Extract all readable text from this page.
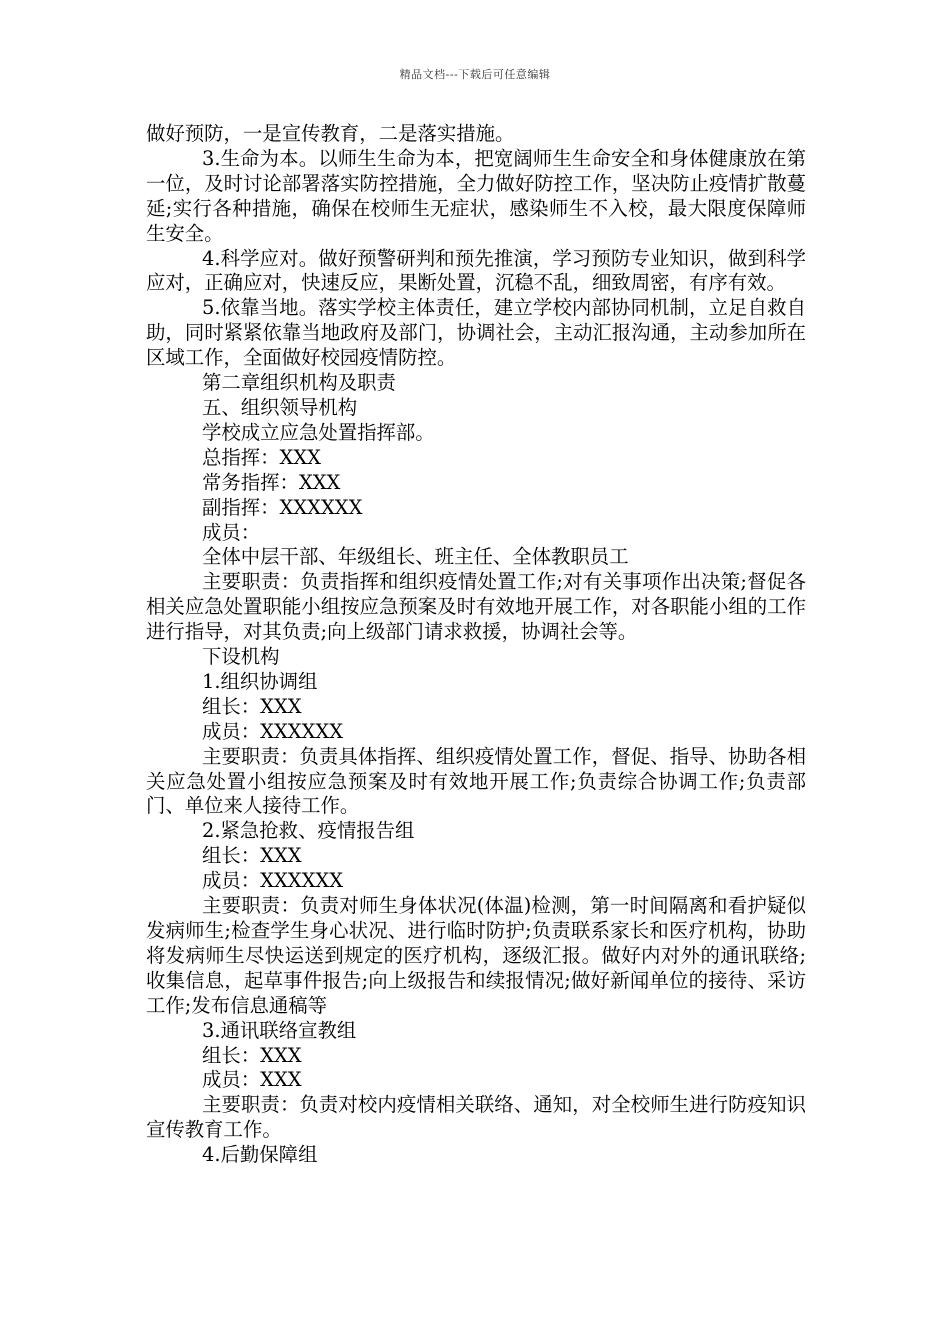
精品文档---下载后可任意编辑

做好预防，一是宣传教育，二是落实措施。

3.生命为本。以师生生命为本，把宽阔师生生命安全和身体健康放在第一位，及时讨论部署落实防控措施，全力做好防控工作，坚决防止疫情扩散蔓延;实行各种措施，确保在校师生无症状，感染师生不入校，最大限度保障师生安全。

4.科学应对。做好预警研判和预先推演，学习预防专业知识，做到科学应对，正确应对，快速反应，果断处置，沉稳不乱，细致周密，有序有效。

5.依靠当地。落实学校主体责任，建立学校内部协同机制，立足自救自助，同时紧紧依靠当地政府及部门，协调社会，主动汇报沟通，主动参加所在区域工作，全面做好校园疫情防控。

第二章组织机构及职责

五、组织领导机构

学校成立应急处置指挥部。

总指挥：XXX

常务指挥：XXX

副指挥：XXXXXX

成员：

全体中层干部、年级组长、班主任、全体教职员工

主要职责：负责指挥和组织疫情处置工作;对有关事项作出决策;督促各相关应急处置职能小组按应急预案及时有效地开展工作，对各职能小组的工作进行指导，对其负责;向上级部门请求救援，协调社会等。

下设机构

1.组织协调组

组长：XXX

成员：XXXXXX

主要职责：负责具体指挥、组织疫情处置工作，督促、指导、协助各相关应急处置小组按应急预案及时有效地开展工作;负责综合协调工作;负责部门、单位来人接待工作。

2.紧急抢救、疫情报告组

组长：XXX

成员：XXXXXX

主要职责：负责对师生身体状况(体温)检测，第一时间隔离和看护疑似发病师生;检查学生身心状况、进行临时防护;负责联系家长和医疗机构，协助将发病师生尽快运送到规定的医疗机构，逐级汇报。做好内对外的通讯联络;收集信息，起草事件报告;向上级报告和续报情况;做好新闻单位的接待、采访工作;发布信息通稿等

3.通讯联络宣教组

组长：XXX

成员：XXX

主要职责：负责对校内疫情相关联络、通知，对全校师生进行防疫知识宣传教育工作。

4.后勤保障组
